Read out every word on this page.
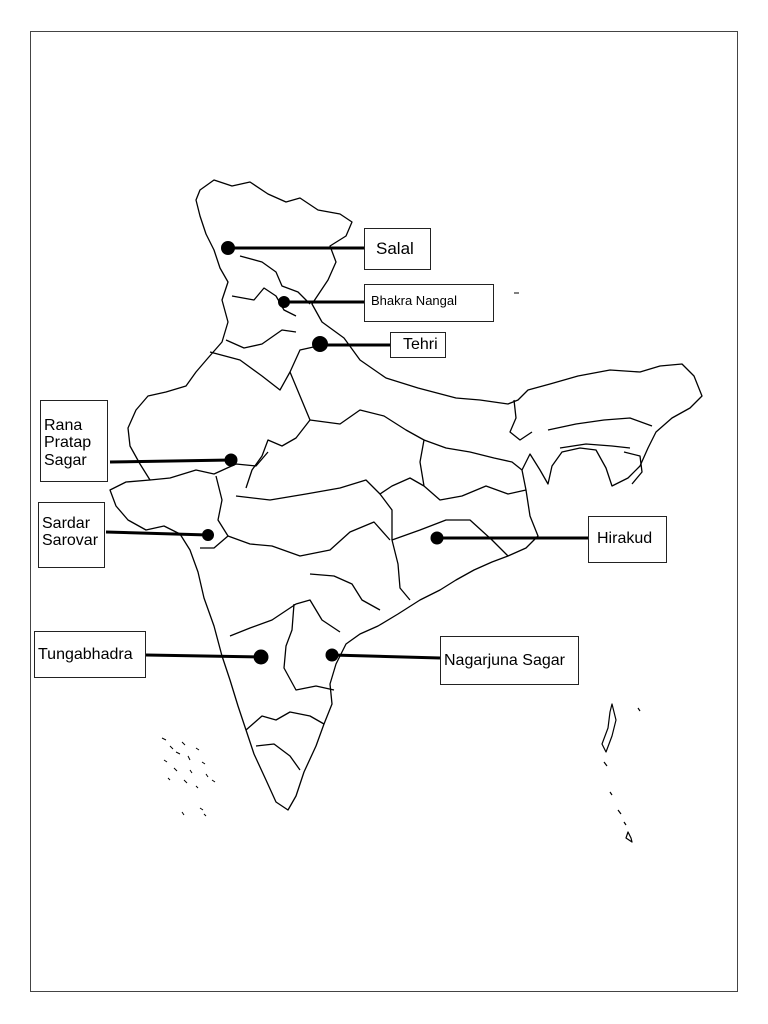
Salal
Bhakra Nangal
Tehri
Rana
Pratap
Sagar
Sardar
Sarovar	Hirakud
Tungabhadra	Nagarjuna Sagar
